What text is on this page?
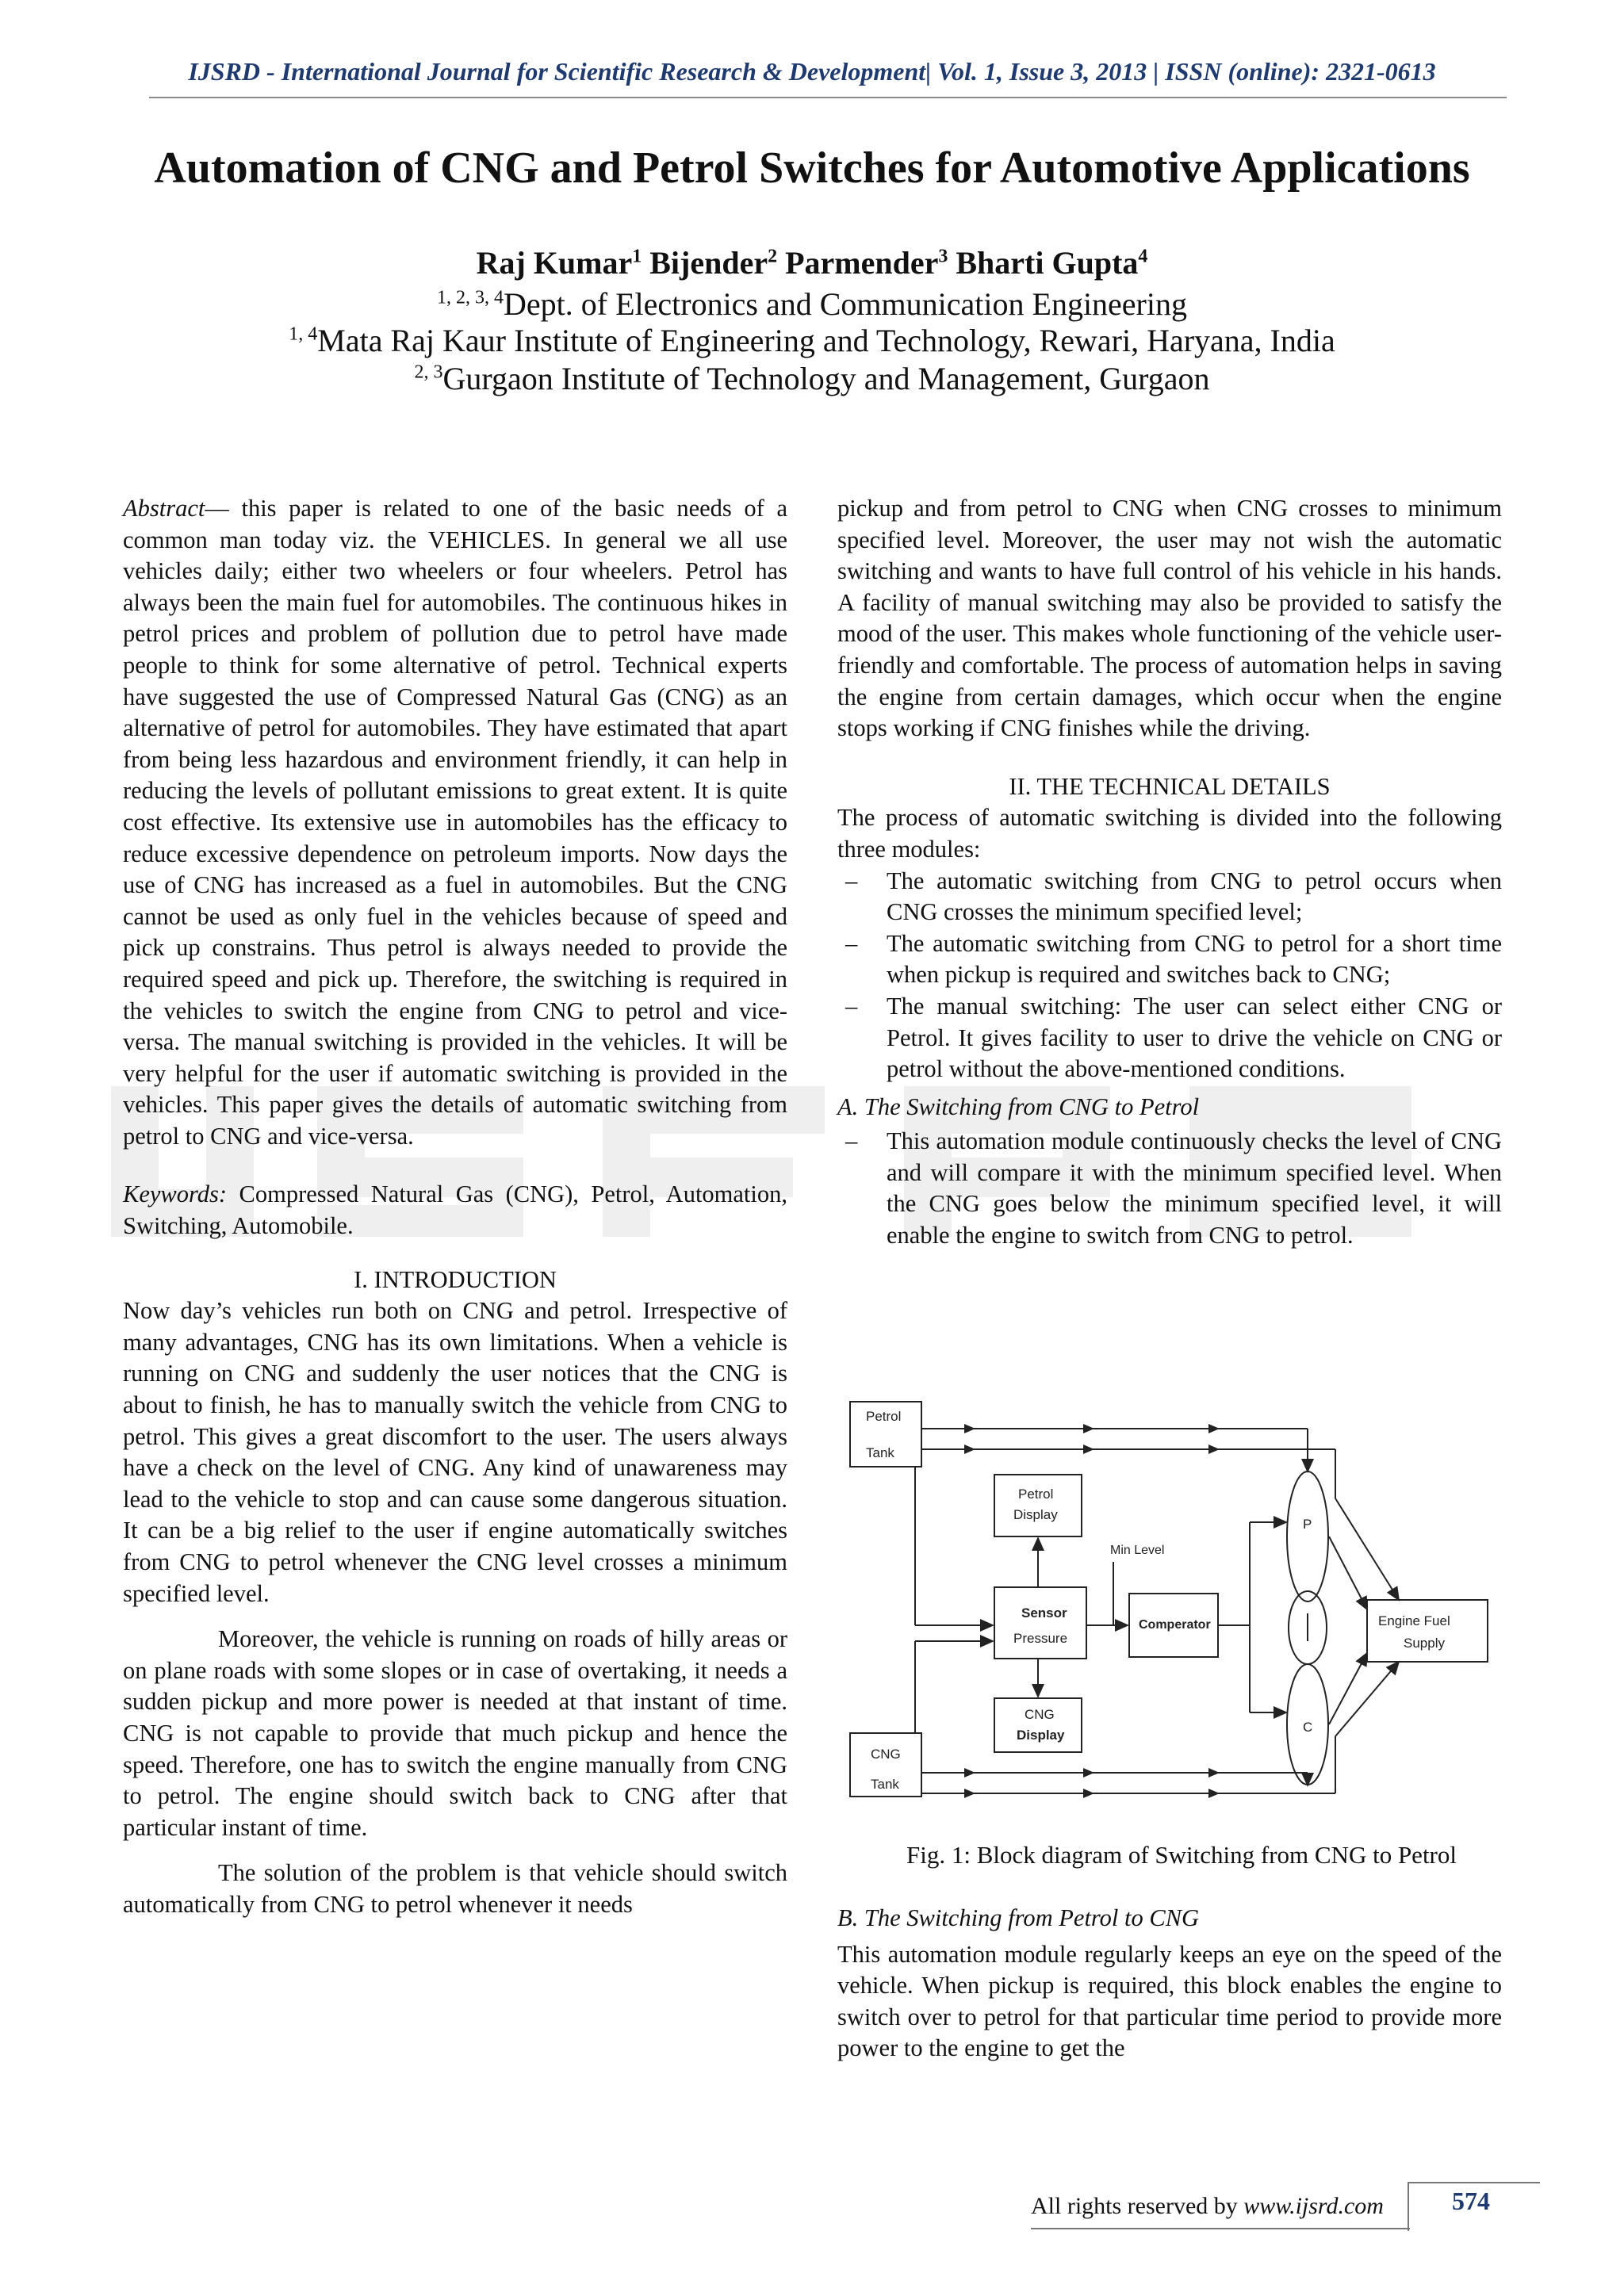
IJSRD - International Journal for Scientific Research & Development| Vol. 1, Issue 3, 2013 | ISSN (online): 2321-0613
Automation of CNG and Petrol Switches for Automotive Applications
Raj Kumar$^1$ Bijender$^2$ Parmender$^3$ Bharti Gupta$^4$
$^{1, 2, 3, 4}$Dept. of Electronics and Communication Engineering
$^{1, 4}$Mata Raj Kaur Institute of Engineering and Technology, Rewari, Haryana, India
$^{2, 3}$Gurgaon Institute of Technology and Management, Gurgaon

Abstract— this paper is related to one of the basic needs of a common man today viz. the VEHICLES. In general we all use vehicles daily; either two wheelers or four wheelers. Petrol has always been the main fuel for automobiles. The continuous hikes in petrol prices and problem of pollution due to petrol have made people to think for some alternative of petrol. Technical experts have suggested the use of Compressed Natural Gas (CNG) as an alternative of petrol for automobiles. They have estimated that apart from being less hazardous and environment friendly, it can help in reducing the levels of pollutant emissions to great extent. It is quite cost effective. Its extensive use in automobiles has the efficacy to reduce excessive dependence on petroleum imports. Now days the use of CNG has increased as a fuel in automobiles. But the CNG cannot be used as only fuel in the vehicles because of speed and pick up constrains. Thus petrol is always needed to provide the required speed and pick up. Therefore, the switching is required in the vehicles to switch the engine from CNG to petrol and vice-versa. The manual switching is provided in the vehicles. It will be very helpful for the user if automatic switching is provided in the vehicles. This paper gives the details of automatic switching from petrol to CNG and vice-versa.

Keywords: Compressed Natural Gas (CNG), Petrol, Automation, Switching, Automobile.

I. INTRODUCTION

Now day’s vehicles run both on CNG and petrol. Irrespective of many advantages, CNG has its own limitations. When a vehicle is running on CNG and suddenly the user notices that the CNG is about to finish, he has to manually switch the vehicle from CNG to petrol. This gives a great discomfort to the user. The users always have a check on the level of CNG. Any kind of unawareness may lead to the vehicle to stop and can cause some dangerous situation. It can be a big relief to the user if engine automatically switches from CNG to petrol whenever the CNG level crosses a minimum specified level.

Moreover, the vehicle is running on roads of hilly areas or on plane roads with some slopes or in case of overtaking, it needs a sudden pickup and more power is needed at that instant of time. CNG is not capable to provide that much pickup and hence the speed. Therefore, one has to switch the engine manually from CNG to petrol. The engine should switch back to CNG after that particular instant of time.

The solution of the problem is that vehicle should switch automatically from CNG to petrol whenever it needs

pickup and from petrol to CNG when CNG crosses to minimum specified level. Moreover, the user may not wish the automatic switching and wants to have full control of his vehicle in his hands. A facility of manual switching may also be provided to satisfy the mood of the user. This makes whole functioning of the vehicle user- friendly and comfortable. The process of automation helps in saving the engine from certain damages, which occur when the engine stops working if CNG finishes while the driving.

II. THE TECHNICAL DETAILS

The process of automatic switching is divided into the following three modules:

– The automatic switching from CNG to petrol occurs when CNG crosses the minimum specified level;

– The automatic switching from CNG to petrol for a short time when pickup is required and switches back to CNG;

– The manual switching: The user can select either CNG or Petrol. It gives facility to user to drive the vehicle on CNG or petrol without the above-mentioned conditions.

A. The Switching from CNG to Petrol

– This automation module continuously checks the level of CNG and will compare it with the minimum specified level. When the CNG goes below the minimum specified level, it will enable the engine to switch from CNG to petrol.

Petrol
Tank
Petrol
Display
Min Level
Sensor
Pressure
Comperator
CNG
Display
CNG
Tank
P
C
Engine Fuel
Supply
Fig. 1: Block diagram of Switching from CNG to Petrol

B. The Switching from Petrol to CNG

This automation module regularly keeps an eye on the speed of the vehicle. When pickup is required, this block enables the engine to switch over to petrol for that particular time period to provide more power to the engine to get the

All rights reserved by www.ijsrd.com	574
